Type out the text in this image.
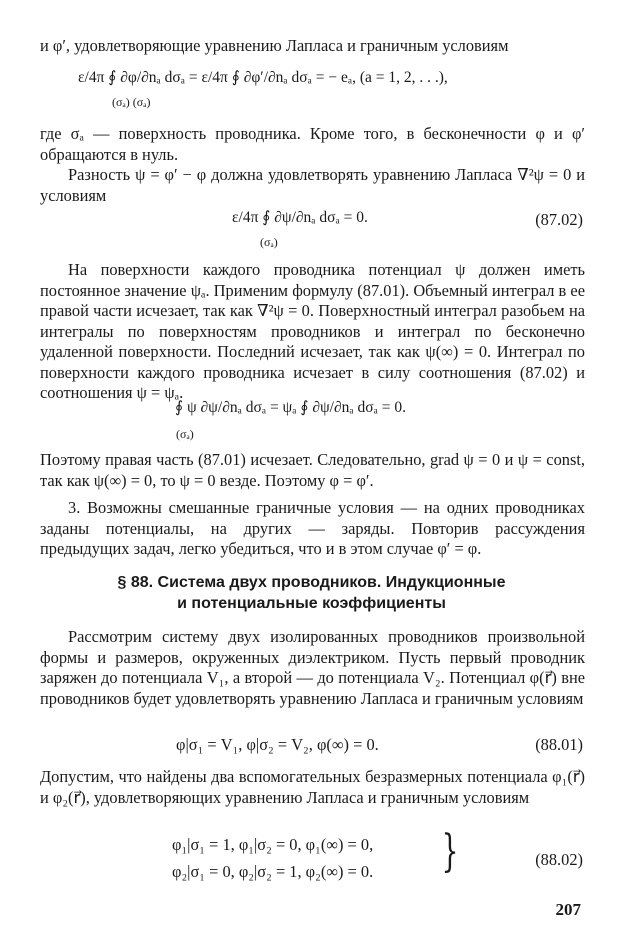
и φ′, удовлетворяющие уравнению Лапласа и граничным условиям
ε/4π ∮ ∂φ/∂nₐ dσₐ = ε/4π ∮ ∂φ′/∂nₐ dσₐ = − eₐ, (a = 1, 2, . . .),
(σₐ) (σₐ)
где σₐ — поверхность проводника. Кроме того, в бесконечности φ и φ′ обращаются в нуль.
Разность ψ = φ′ − φ должна удовлетворять уравнению Лапласа ∇²ψ = 0 и условиям
ε/4π ∮ ∂ψ/∂nₐ dσₐ = 0.
(σₐ)
(87.02)
На поверхности каждого проводника потенциал ψ должен иметь постоянное значение ψₐ. Применим формулу (87.01). Объемный интеграл в ее правой части исчезает, так как ∇²ψ = 0. Поверхностный интеграл разобьем на интегралы по поверхностям проводников и интеграл по бесконечно удаленной поверхности. Последний исчезает, так как ψ(∞) = 0. Интеграл по поверхности каждого проводника исчезает в силу соотношения (87.02) и соотношения ψ = ψₐ.
∮ ψ ∂ψ/∂nₐ dσₐ = ψₐ ∮ ∂ψ/∂nₐ dσₐ = 0.
(σₐ)
Поэтому правая часть (87.01) исчезает. Следовательно, grad ψ = 0 и ψ = const, так как ψ(∞) = 0, то ψ = 0 везде. Поэтому φ = φ′.
3. Возможны смешанные граничные условия — на одних проводниках заданы потенциалы, на других — заряды. Повторив рассуждения предыдущих задач, легко убедиться, что и в этом случае φ′ = φ.
§ 88. Система двух проводников. Индукционные
и потенциальные коэффициенты
Рассмотрим систему двух изолированных проводников произвольной формы и размеров, окруженных диэлектриком. Пусть первый проводник заряжен до потенциала V₁, а второй — до потенциала V₂. Потенциал φ(r⃗) вне проводников будет удовлетворять уравнению Лапласа и граничным условиям
φ|σ₁ = V₁, φ|σ₂ = V₂, φ(∞) = 0.	(88.01)
Допустим, что найдены два вспомогательных безразмерных потенциала φ₁(r⃗) и φ₂(r⃗), удовлетворяющих уравнению Лапласа и граничным условиям
φ₁|σ₁ = 1, φ₁|σ₂ = 0, φ₁(∞) = 0,
φ₂|σ₁ = 0, φ₂|σ₂ = 1, φ₂(∞) = 0. }	(88.02)
207
